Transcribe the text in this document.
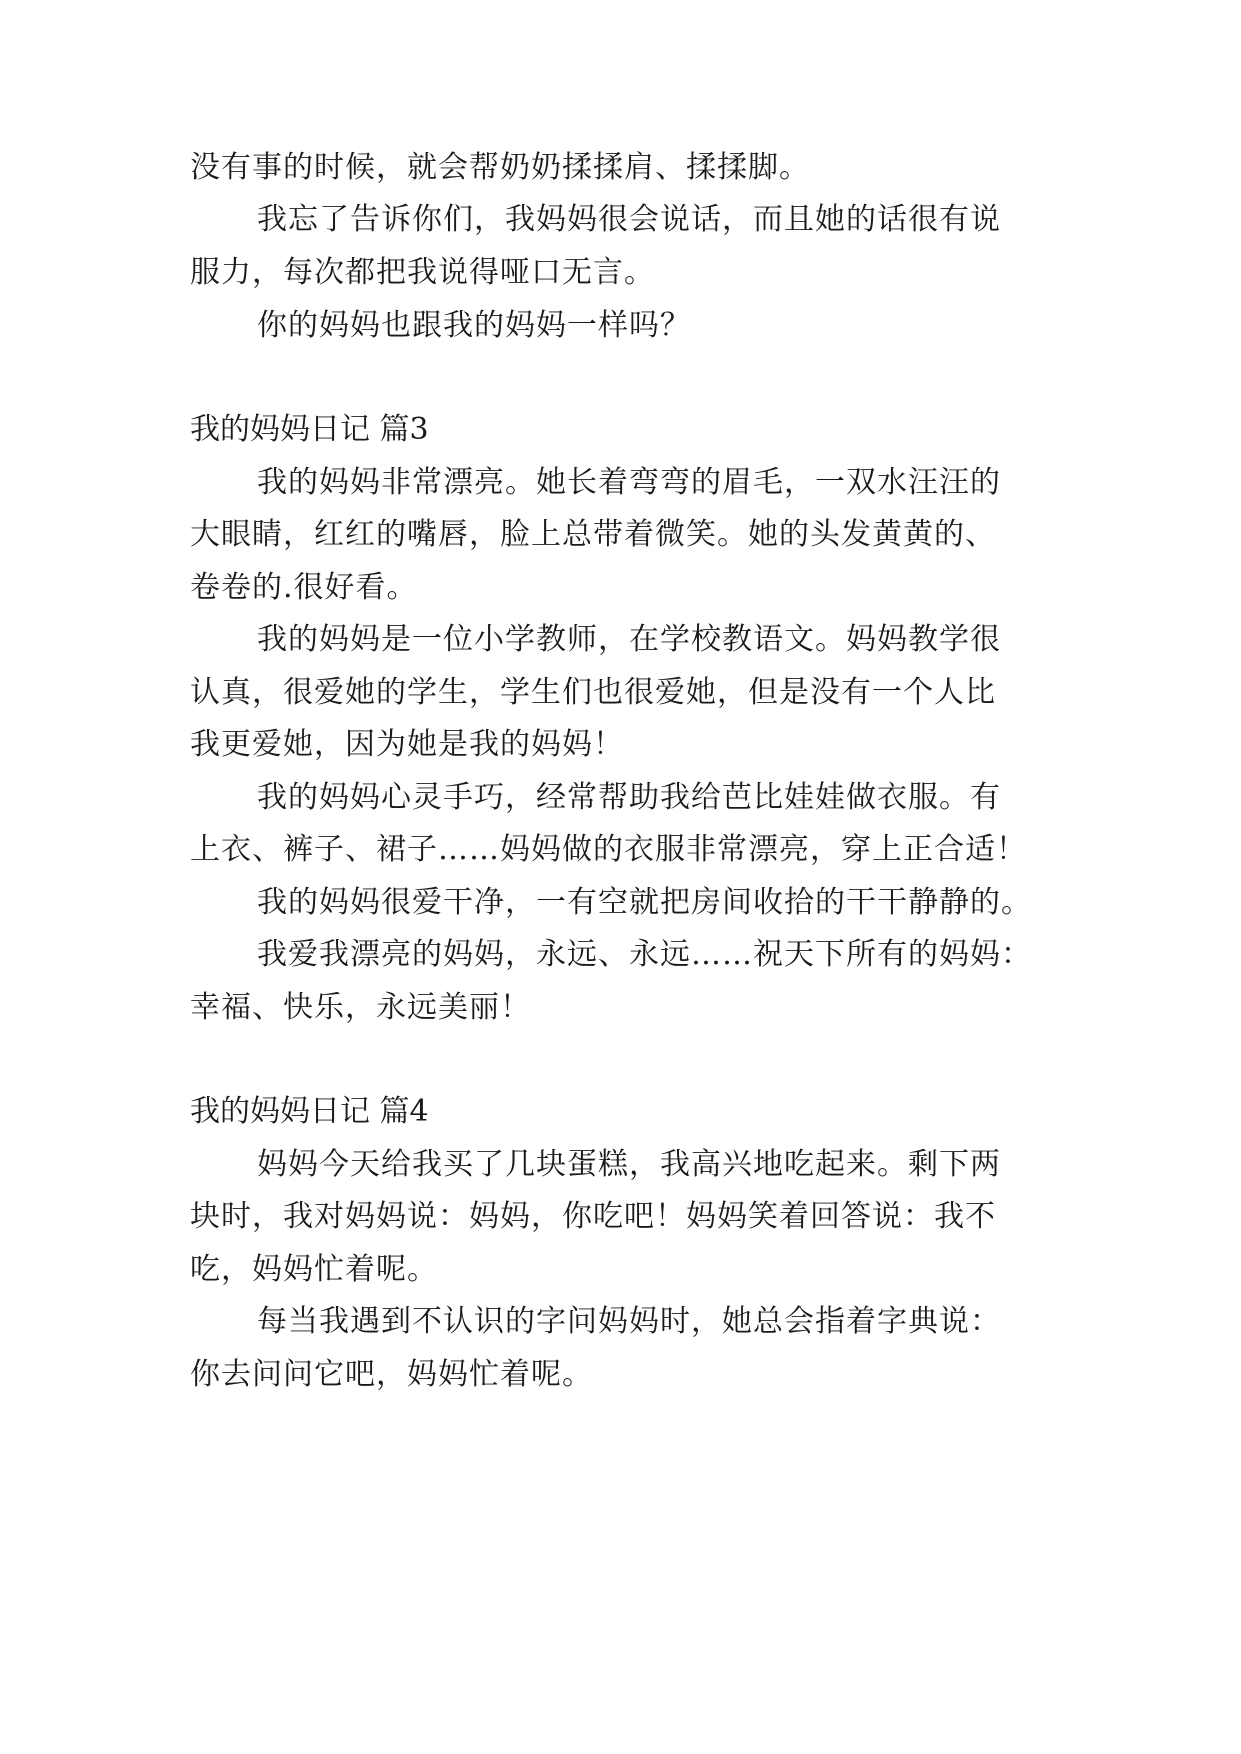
没有事的时候，就会帮奶奶揉揉肩、揉揉脚。
我忘了告诉你们，我妈妈很会说话，而且她的话很有说
服力，每次都把我说得哑口无言。
你的妈妈也跟我的妈妈一样吗？
我的妈妈日记 篇3
我的妈妈非常漂亮。她长着弯弯的眉毛，一双水汪汪的
大眼睛，红红的嘴唇，脸上总带着微笑。她的头发黄黄的、
卷卷的.很好看。
我的妈妈是一位小学教师，在学校教语文。妈妈教学很
认真，很爱她的学生，学生们也很爱她，但是没有一个人比
我更爱她，因为她是我的妈妈！
我的妈妈心灵手巧，经常帮助我给芭比娃娃做衣服。有
上衣、裤子、裙子……妈妈做的衣服非常漂亮，穿上正合适！
我的妈妈很爱干净，一有空就把房间收拾的干干静静的。
我爱我漂亮的妈妈，永远、永远……祝天下所有的妈妈：
幸福、快乐，永远美丽！
我的妈妈日记 篇4
妈妈今天给我买了几块蛋糕，我高兴地吃起来。剩下两
块时，我对妈妈说：妈妈，你吃吧！妈妈笑着回答说：我不
吃，妈妈忙着呢。
每当我遇到不认识的字问妈妈时，她总会指着字典说：
你去问问它吧，妈妈忙着呢。
